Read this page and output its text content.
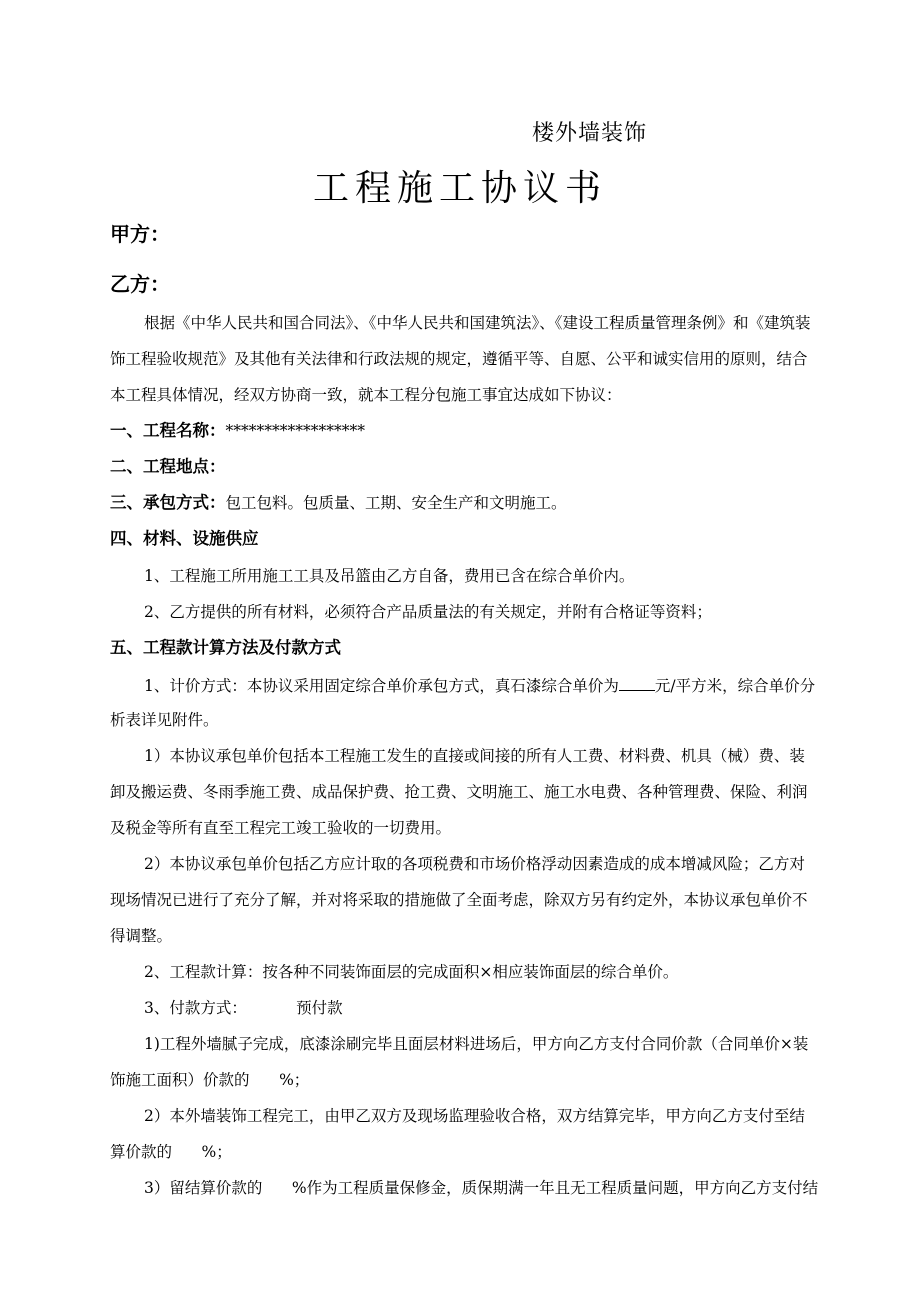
楼外墙装饰
工程施工协议书
甲方：
乙方：
根据《中华人民共和国合同法》、《中华人民共和国建筑法》、《建设工程质量管理条例》和《建筑装
饰工程验收规范》及其他有关法律和行政法规的规定，遵循平等、自愿、公平和诚实信用的原则，结合
本工程具体情况，经双方协商一致，就本工程分包施工事宜达成如下协议：
一、工程名称：******************
二、工程地点：
三、承包方式：包工包料。包质量、工期、安全生产和文明施工。
四、材料、设施供应
1、工程施工所用施工工具及吊篮由乙方自备，费用已含在综合单价内。
2、乙方提供的所有材料，必须符合产品质量法的有关规定，并附有合格证等资料；
五、工程款计算方法及付款方式
1、计价方式：本协议采用固定综合单价承包方式，真石漆综合单价为 元/平方米，综合单价分
析表详见附件。
1）本协议承包单价包括本工程施工发生的直接或间接的所有人工费、材料费、机具（械）费、装
卸及搬运费、冬雨季施工费、成品保护费、抢工费、文明施工、施工水电费、各种管理费、保险、利润
及税金等所有直至工程完工竣工验收的一切费用。
2）本协议承包单价包括乙方应计取的各项税费和市场价格浮动因素造成的成本增减风险；乙方对
现场情况已进行了充分了解，并对将采取的措施做了全面考虑，除双方另有约定外，本协议承包单价不
得调整。
2、工程款计算：按各种不同装饰面层的完成面积×相应装饰面层的综合单价。
3、付款方式：          预付款
1)工程外墙腻子完成，底漆涂刷完毕且面层材料进场后，甲方向乙方支付合同价款（合同单价×装
饰施工面积）价款的      %；
2）本外墙装饰工程完工，由甲乙双方及现场监理验收合格，双方结算完毕，甲方向乙方支付至结
算价款的      %；
3）留结算价款的      %作为工程质量保修金，质保期满一年且无工程质量问题，甲方向乙方支付结
